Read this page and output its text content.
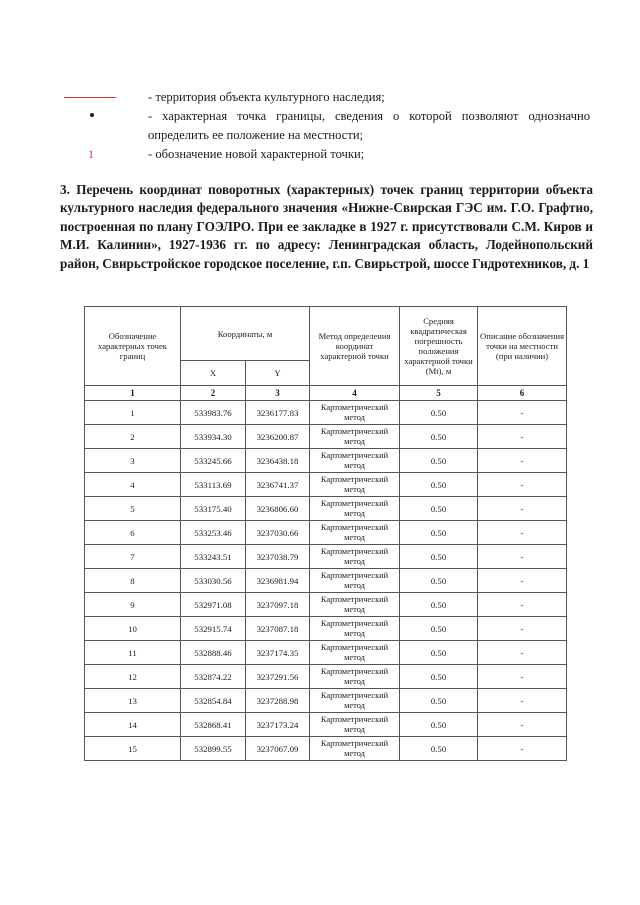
- территория объекта культурного наследия;
- характерная точка границы, сведения о которой позволяют однозначно определить ее положение на местности;
1	- обозначение новой характерной точки;
3. Перечень координат поворотных (характерных) точек границ территории объекта культурного наследия федерального значения «Нижне-Свирская ГЭС им. Г.О. Графтио, построенная по плану ГОЭЛРО. При ее закладке в 1927 г. присутствовали С.М. Киров и М.И. Калинин», 1927-1936 гг. по адресу: Ленинградская область, Лодейнопольский район, Свирьстройское городское поселение, г.п. Свирьстрой, шоссе Гидротехников, д. 1
Обозначение характерных точек границ	Координаты, м		Метод определения координат характерной точки	Средняя квадратическая погрешность положения характерной точки (Mt), м	Описание обозначения точки на местности (при наличии)
	X	Y			
1	2	3	4	5	6
1	533983.76	3236177.83	Картометрический метод	0.50	-
2	533934.30	3236200.87	Картометрический метод	0.50	-
3	533245.66	3236438.18	Картометрический метод	0.50	-
4	533113.69	3236741.37	Картометрический метод	0.50	-
5	533175.40	3236806.60	Картометрический метод	0.50	-
6	533253.46	3237030.66	Картометрический метод	0.50	-
7	533243.51	3237038.79	Картометрический метод	0.50	-
8	533030.56	3236981.94	Картометрический метод	0.50	-
9	532971.08	3237097.18	Картометрический метод	0.50	-
10	532915.74	3237087.18	Картометрический метод	0.50	-
11	532888.46	3237174.35	Картометрический метод	0.50	-
12	532874.22	3237291.56	Картометрический метод	0.50	-
13	532854.84	3237288.98	Картометрический метод	0.50	-
14	532868.41	3237173.24	Картометрический метод	0.50	-
15	532899.55	3237067.09	Картометрический метод	0.50	-
